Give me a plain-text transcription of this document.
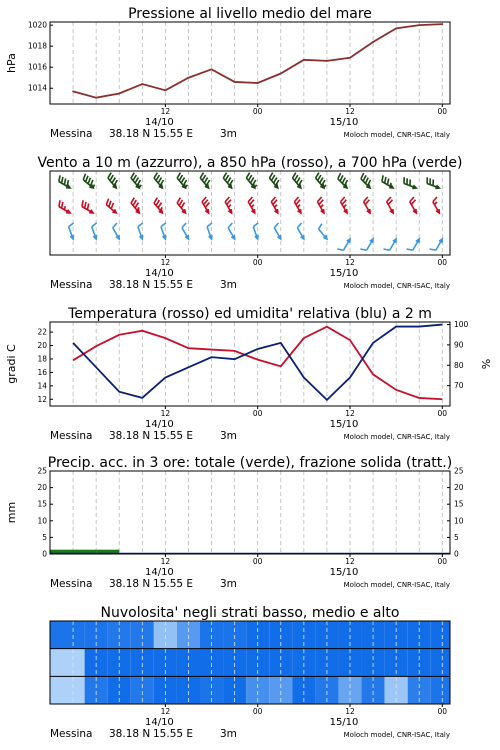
Pressione al livello medio del mare
1014
1016
1018
1020
hPa
12
14/10
00	12
15/10
00
Messina 38.18 N 15.55 E	3m	Moloch model, CNR-ISAC, Italy
Vento a 10 m (azzurro), a 850 hPa (rosso), a 700 hPa (verde)
12
14/10
00	12
15/10
00
Messina 38.18 N 15.55 E	3m	Moloch model, CNR-ISAC, Italy
Temperatura (rosso) ed umidita' relativa (blu) a 2 m
12
14
16
18
20
22
70
80
90
100
gradi C	%
12
14/10
00	12
15/10
00
Messina 38.18 N 15.55 E	3m	Moloch model, CNR-ISAC, Italy
Precip. acc. in 3 ore: totale (verde), frazione solida (tratt.)
0
5
10
15
20
25
0
5
10
15
20
25
mm
12
14/10
00	12
15/10
00
Messina 38.18 N 15.55 E	3m	Moloch model, CNR-ISAC, Italy
Nuvolosita' negli strati basso, medio e alto
12
14/10
00	12
15/10
00
Messina 38.18 N 15.55 E	3m	Moloch model, CNR-ISAC, Italy
